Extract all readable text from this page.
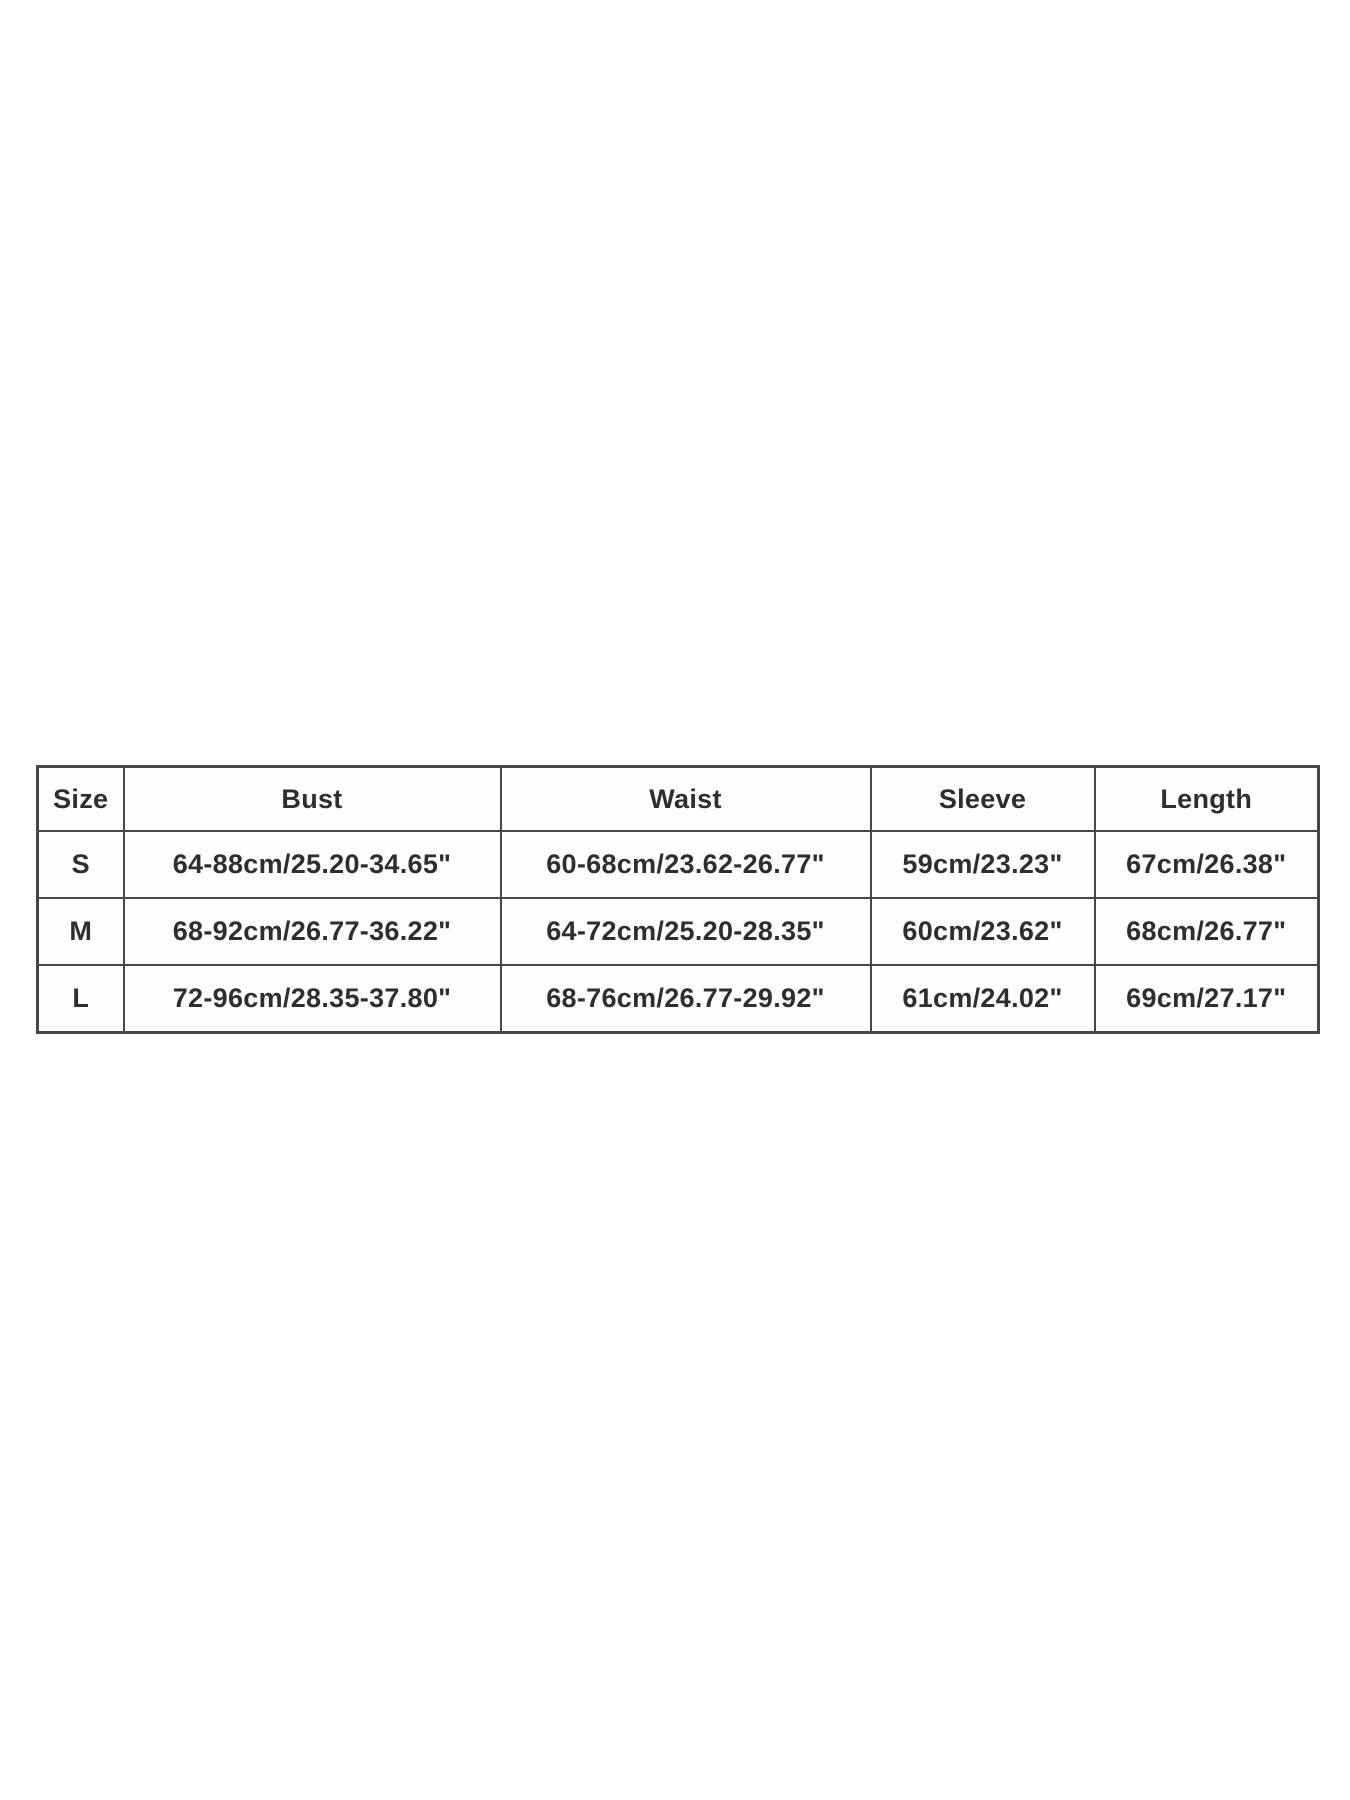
Size	Bust	Waist	Sleeve	Length
S	64-88cm/25.20-34.65"	60-68cm/23.62-26.77"	59cm/23.23"	67cm/26.38"
M	68-92cm/26.77-36.22"	64-72cm/25.20-28.35"	60cm/23.62"	68cm/26.77"
L	72-96cm/28.35-37.80"	68-76cm/26.77-29.92"	61cm/24.02"	69cm/27.17"
